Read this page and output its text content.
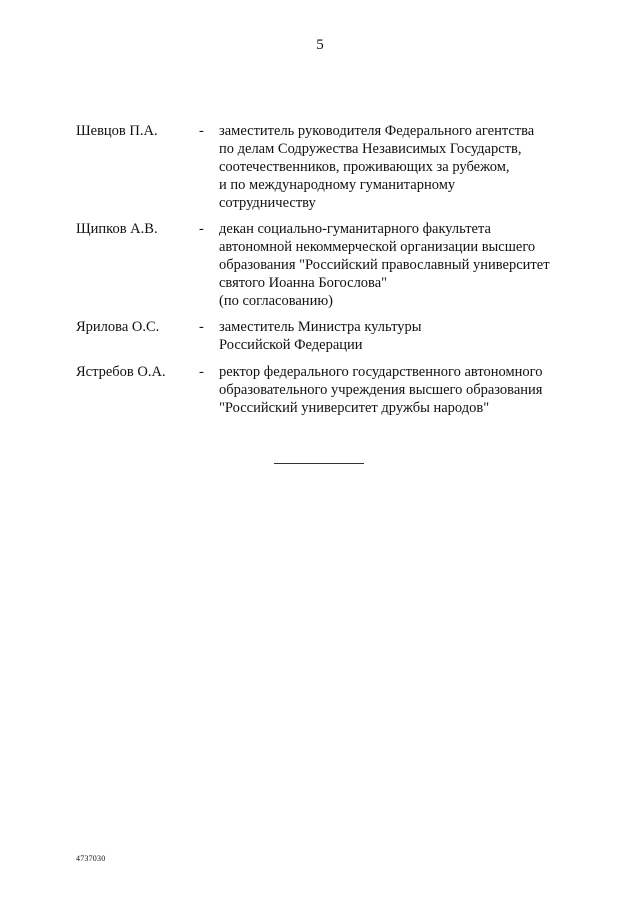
5
Шевцов П.А.	-	заместитель руководителя Федерального агентства
по делам Содружества Независимых Государств,
соотечественников, проживающих за рубежом,
и по международному гуманитарному
сотрудничеству
Щипков А.В.	-	декан социально-гуманитарного факультета
автономной некоммерческой организации высшего
образования "Российский православный университет
святого Иоанна Богослова"
(по согласованию)
Ярилова О.С.	-	заместитель Министра культуры
Российской Федерации
Ястребов О.А.	-	ректор федерального государственного автономного
образовательного учреждения высшего образования
"Российский университет дружбы народов"
4737030
